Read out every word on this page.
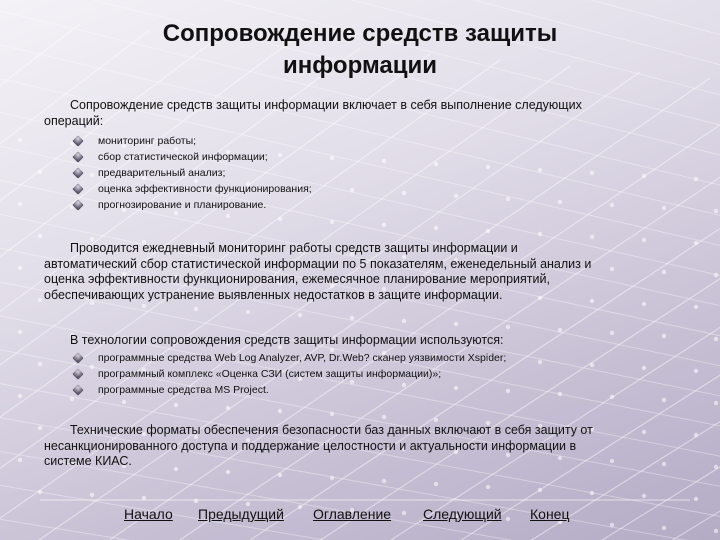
Сопровождение средств защиты
информации
Сопровождение средств защиты информации включает в себя выполнение следующих
операций:
мониторинг работы;
сбор статистической информации;
предварительный анализ;
оценка эффективности функционирования;
прогнозирование и планирование.
Проводится ежедневный мониторинг работы средств защиты информации и
автоматический сбор статистической информации по 5 показателям, еженедельный анализ и
оценка эффективности функционирования, ежемесячное планирование мероприятий,
обеспечивающих устранение выявленных недостатков в защите информации.
В технологии сопровождения средств защиты информации используются:
программные средства Web Log Analyzer, AVP, Dr.Web? сканер уязвимости Xspider;
программный комплекс «Оценка СЗИ (систем защиты информации)»;
программные средства MS Project.
Технические форматы обеспечения безопасности баз данных включают в себя защиту от
несанкционированного доступа и поддержание целостности и актуальности информации в
системе КИАС.
Начало Предыдущий Оглавление Следующий Конец
